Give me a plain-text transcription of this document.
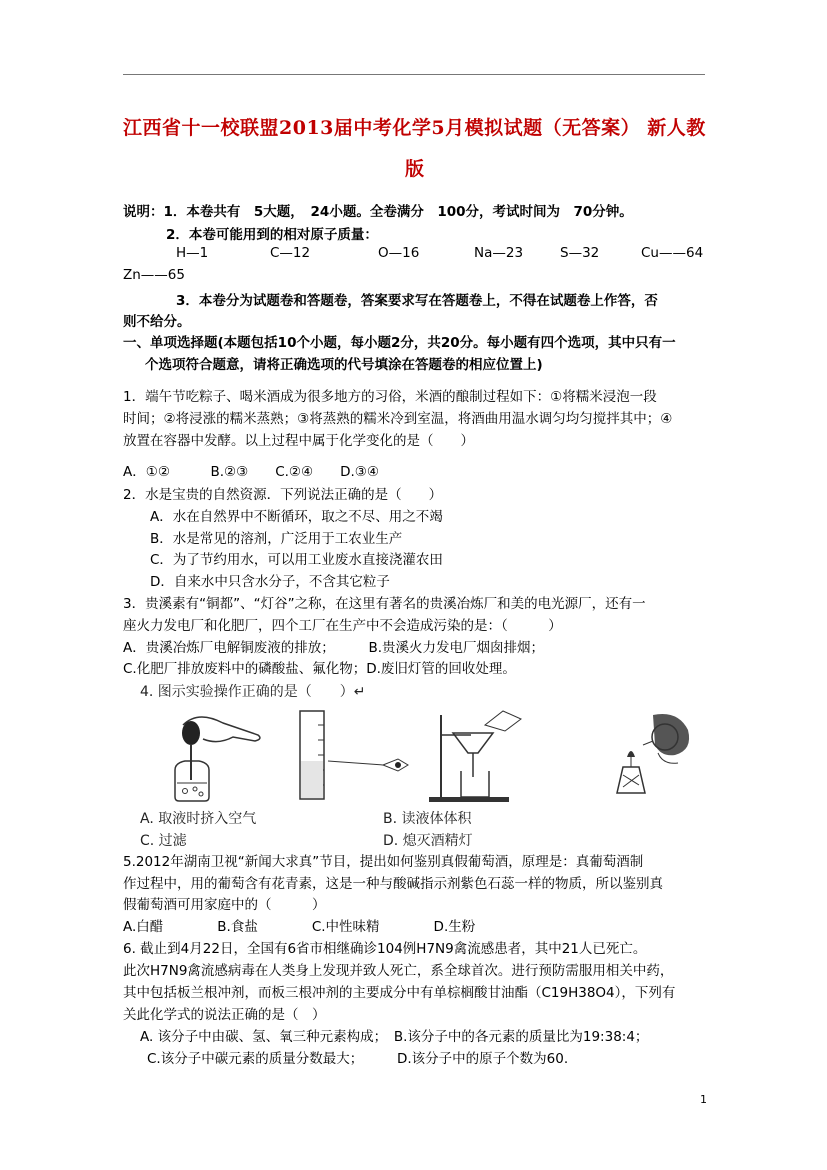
江西省十一校联盟2013届中考化学5月模拟试题（无答案） 新人教
版
说明：1．本卷共有　5大题，　24小题。全卷满分　100分，考试时间为　70分钟。
2．本卷可能用到的相对原子质量：
H—1	C—12	O—16	Na—23	S—32	Cu——64
Zn——65
3．本卷分为试题卷和答题卷，答案要求写在答题卷上，不得在试题卷上作答，否
则不给分。
一、单项选择题(本题包括10个小题，每小题2分，共20分。每小题有四个选项，其中只有一
个选项符合题意，请将正确选项的代号填涂在答题卷的相应位置上)
1．端午节吃粽子、喝米酒成为很多地方的习俗，米酒的酿制过程如下：①将糯米浸泡一段
时间；②将浸涨的糯米蒸熟；③将蒸熟的糯米冷到室温，将酒曲用温水调匀均匀搅拌其中；④
放置在容器中发酵。以上过程中属于化学变化的是（　　）
A．①②　　　B.②③　　C.②④　　D.③④
2．水是宝贵的自然资源．下列说法正确的是（　　）
A．水在自然界中不断循环，取之不尽、用之不竭
B．水是常见的溶剂，广泛用于工农业生产
C．为了节约用水，可以用工业废水直接浇灌农田
D．自来水中只含水分子，不含其它粒子
3．贵溪素有“铜都”、“灯谷”之称，在这里有著名的贵溪冶炼厂和美的电光源厂，还有一
座火力发电厂和化肥厂，四个工厂在生产中不会造成污染的是：（　　　）
A．贵溪冶炼厂电解铜废液的排放；　　　B.贵溪火力发电厂烟囱排烟；
C.化肥厂排放废料中的磷酸盐、氟化物；D.废旧灯管的回收处理。
4. 图示实验操作正确的是（　　）↵
A. 取液时挤入空气	B. 读液体体积
C. 过滤	D. 熄灭酒精灯
5.2012年湖南卫视“新闻大求真”节目，提出如何鉴别真假葡萄酒，原理是：真葡萄酒制
作过程中，用的葡萄含有花青素，这是一种与酸碱指示剂紫色石蕊一样的物质，所以鉴别真
假葡萄酒可用家庭中的（　　　）
A.白醋　　　　B.食盐　　　　C.中性味精　　　　D.生粉
6. 截止到4月22日，全国有6省市相继确诊104例H7N9禽流感患者，其中21人已死亡。
此次H7N9禽流感病毒在人类身上发现并致人死亡，系全球首次。进行预防需服用相关中药，
其中包括板兰根冲剂，而板三根冲剂的主要成分中有单棕榈酸甘油酯（C19H38O4），下列有
关此化学式的说法正确的是（　）
A. 该分子中由碳、氢、氧三种元素构成；　B.该分子中的各元素的质量比为19:38:4；
C.该分子中碳元素的质量分数最大；　　　D.该分子中的原子个数为60.
1
